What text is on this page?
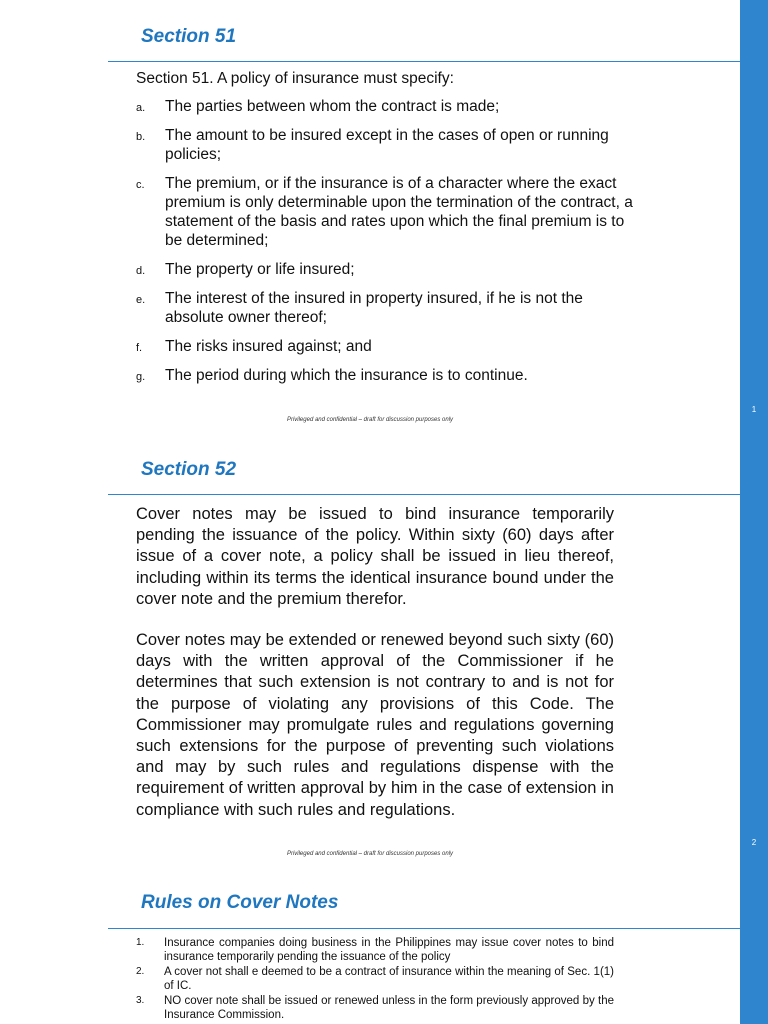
1
2
Section 51

Section 51. A policy of insurance must specify:

a. The parties between whom the contract is made;
b. The amount to be insured except in the cases of open or running policies;
c. The premium, or if the insurance is of a character where the exact premium is only determinable upon the termination of the contract, a statement of the basis and rates upon which the final premium is to be determined;
d. The property or life insured;
e. The interest of the insured in property insured, if he is not the absolute owner thereof;
f. The risks insured against; and
g. The period during which the insurance is to continue.
Privileged and confidential – draft for discussion purposes only
Section 52

Cover notes may be issued to bind insurance temporarily pending the issuance of the policy. Within sixty (60) days after issue of a cover note, a policy shall be issued in lieu thereof, including within its terms the identical insurance bound under the cover note and the premium therefor.

Cover notes may be extended or renewed beyond such sixty (60) days with the written approval of the Commissioner if he determines that such extension is not contrary to and is not for the purpose of violating any provisions of this Code. The Commissioner may promulgate rules and regulations governing such extensions for the purpose of preventing such violations and may by such rules and regulations dispense with the requirement of written approval by him in the case of extension in compliance with such rules and regulations.

Privileged and confidential – draft for discussion purposes only
Rules on Cover Notes
1. Insurance companies doing business in the Philippines may issue cover notes to bind insurance temporarily pending the issuance of the policy
2. A cover not shall e deemed to be a contract of insurance within the meaning of Sec. 1(1) of IC.
3. NO cover note shall be issued or renewed unless in the form previously approved by the Insurance Commission.
